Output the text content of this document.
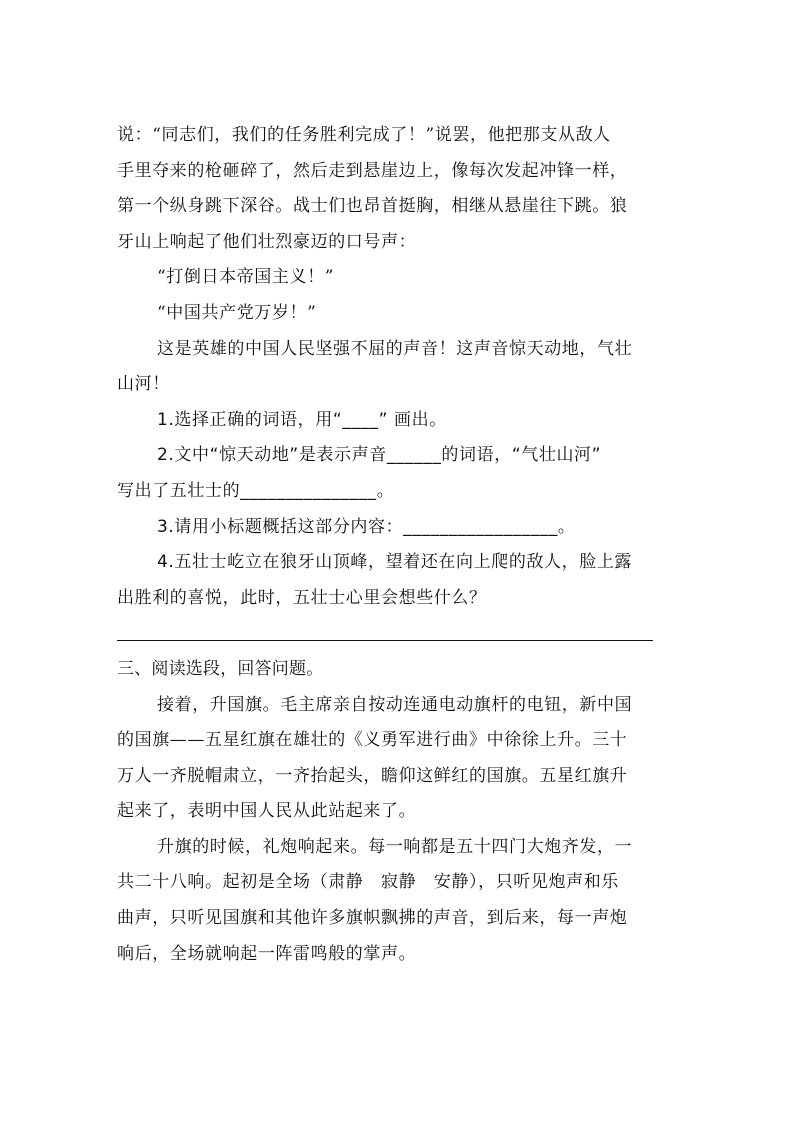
说：“同志们，我们的任务胜利完成了！”说罢，他把那支从敌人
手里夺来的枪砸碎了，然后走到悬崖边上，像每次发起冲锋一样，
第一个纵身跳下深谷。战士们也昂首挺胸，相继从悬崖往下跳。狼
牙山上响起了他们壮烈豪迈的口号声：
“打倒日本帝国主义！”
“中国共产党万岁！”
这是英雄的中国人民坚强不屈的声音！这声音惊天动地，气壮
山河！
1.选择正确的词语，用“____” 画出。
2.文中“惊天动地”是表示声音______的词语，“气壮山河”
写出了五壮士的_______________。
3.请用小标题概括这部分内容：_________________。
4.五壮士屹立在狼牙山顶峰，望着还在向上爬的敌人，脸上露
出胜利的喜悦，此时，五壮士心里会想些什么？
三、阅读选段，回答问题。
接着，升国旗。毛主席亲自按动连通电动旗杆的电钮，新中国
的国旗——五星红旗在雄壮的《义勇军进行曲》中徐徐上升。三十
万人一齐脱帽肃立，一齐抬起头，瞻仰这鲜红的国旗。五星红旗升
起来了，表明中国人民从此站起来了。
升旗的时候，礼炮响起来。每一响都是五十四门大炮齐发，一
共二十八响。起初是全场（肃静　寂静　安静），只听见炮声和乐
曲声，只听见国旗和其他许多旗帜飘拂的声音，到后来，每一声炮
响后，全场就响起一阵雷鸣般的掌声。
